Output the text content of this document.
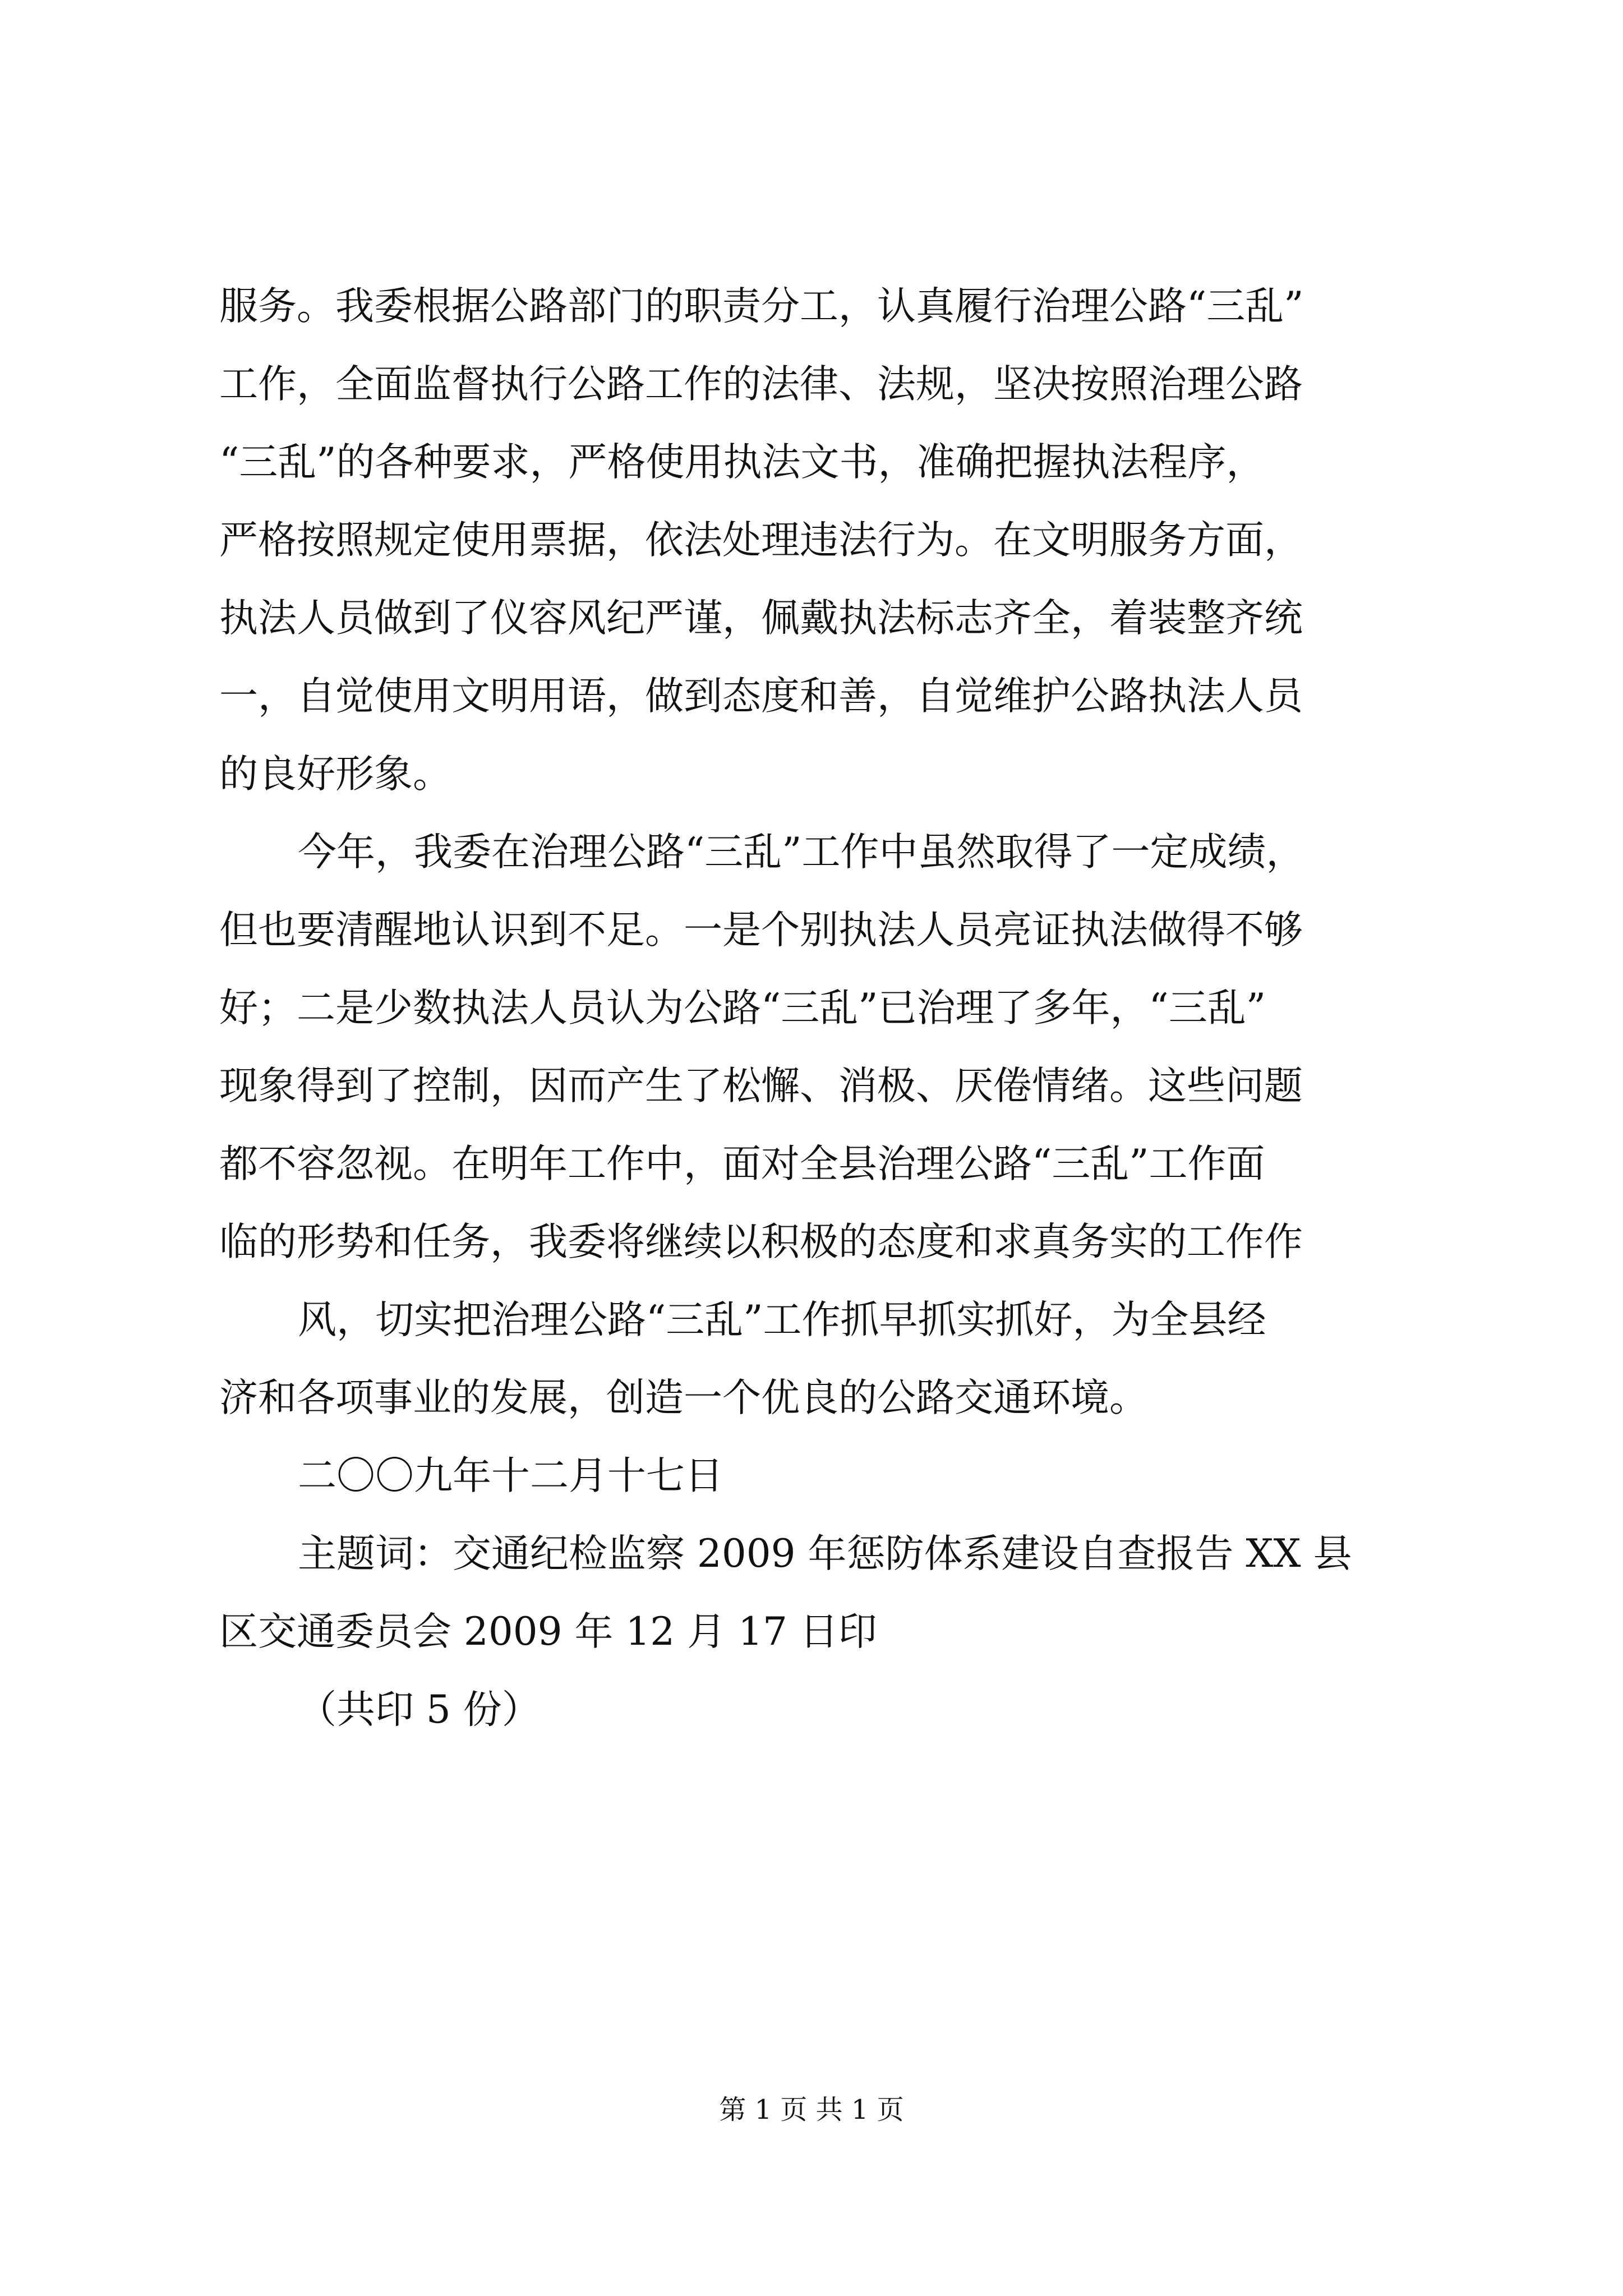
服务。我委根据公路部门的职责分工，认真履行治理公路“三乱”
工作，全面监督执行公路工作的法律、法规，坚决按照治理公路
“三乱”的各种要求，严格使用执法文书，准确把握执法程序，
严格按照规定使用票据，依法处理违法行为。在文明服务方面，
执法人员做到了仪容风纪严谨，佩戴执法标志齐全，着装整齐统
一，自觉使用文明用语，做到态度和善，自觉维护公路执法人员
的良好形象。
今年，我委在治理公路“三乱”工作中虽然取得了一定成绩，
但也要清醒地认识到不足。一是个别执法人员亮证执法做得不够
好；二是少数执法人员认为公路“三乱”已治理了多年，“三乱”
现象得到了控制，因而产生了松懈、消极、厌倦情绪。这些问题
都不容忽视。在明年工作中，面对全县治理公路“三乱”工作面
临的形势和任务，我委将继续以积极的态度和求真务实的工作作
风，切实把治理公路“三乱”工作抓早抓实抓好，为全县经
济和各项事业的发展，创造一个优良的公路交通环境。
二〇〇九年十二月十七日
主题词：交通纪检监察 2009 年惩防体系建设自查报告 XX 县
区交通委员会 2009 年 12 月 17 日印
（共印 5 份）
第 1 页 共 1 页
